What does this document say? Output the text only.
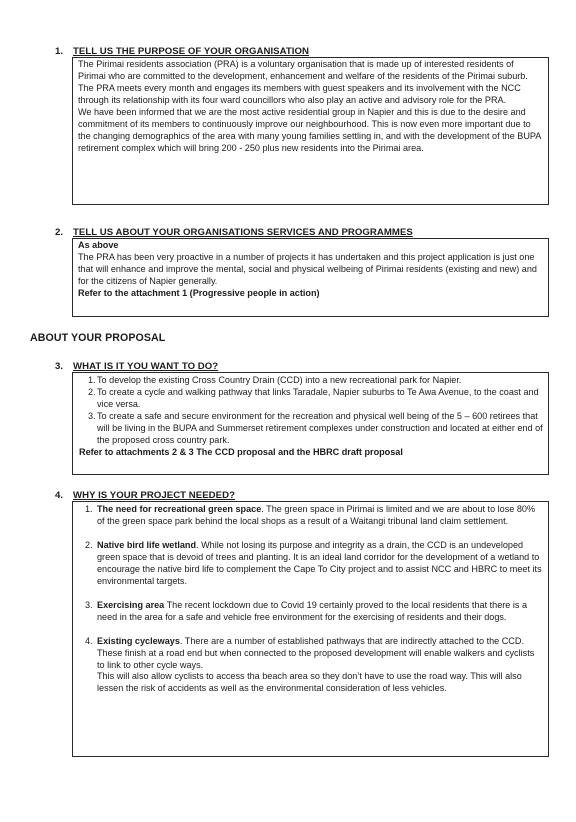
1. TELL US THE PURPOSE OF YOUR ORGANISATION

The Pirimai residents association (PRA) is a voluntary organisation that is made up of interested residents of Pirimai who are committed to the development, enhancement and welfare of the residents of the Pirimai suburb. The PRA meets every month and engages its members with guest speakers and its involvement with the NCC through its relationship with its four ward councillors who also play an active and advisory role for the PRA.

We have been informed that we are the most active residential group in Napier and this is due to the desire and commitment of its members to continuously improve our neighbourhood. This is now even more important due to the changing demographics of the area with many young families settling in, and with the development of the BUPA retirement complex which will bring 200 - 250 plus new residents into the Pirimai area.

2. TELL US ABOUT YOUR ORGANISATIONS SERVICES AND PROGRAMMES

As above

The PRA has been very proactive in a number of projects it has undertaken and this project application is just one that will enhance and improve the mental, social and physical welbeing of Pirimai residents (existing and new) and for the citizens of Napier generally.

Refer to the attachment 1 (Progressive people in action)

ABOUT YOUR PROPOSAL
3. WHAT IS IT YOU WANT TO DO?
1. To develop the existing Cross Country Drain (CCD) into a new recreational park for Napier.
2. To create a cycle and walking pathway that links Taradale, Napier suburbs to Te Awa Avenue, to the coast and vice versa.
3. To create a safe and secure environment for the recreation and physical well being of the 5 – 600 retirees that will be living in the BUPA and Summerset retirement complexes under construction and located at either end of the proposed cross country park.

Refer to attachments 2 & 3 The CCD proposal and the HBRC draft proposal

4. WHY IS YOUR PROJECT NEEDED?
1. The need for recreational green space. The green space in Pirimai is limited and we are about to lose 80% of the green space park behind the local shops as a result of a Waitangi tribunal land claim settlement.
2. Native bird life wetland. While not losing its purpose and integrity as a drain, the CCD is an undeveloped green space that is devoid of trees and planting. It is an ideal land corridor for the development of a wetland to encourage the native bird life to complement the Cape To City project and to assist NCC and HBRC to meet its environmental targets.
3. Exercising area The recent lockdown due to Covid 19 certainly proved to the local residents that there is a need in the area for a safe and vehicle free environment for the exercising of residents and their dogs.
4. Existing cycleways. There are a number of established pathways that are indirectly attached to the CCD. These finish at a road end but when connected to the proposed development will enable walkers and cyclists to link to other cycle ways.
This will also allow cyclists to access tha beach area so they don’t have to use the road way. This will also lessen the risk of accidents as well as the environmental consideration of less vehicles.
